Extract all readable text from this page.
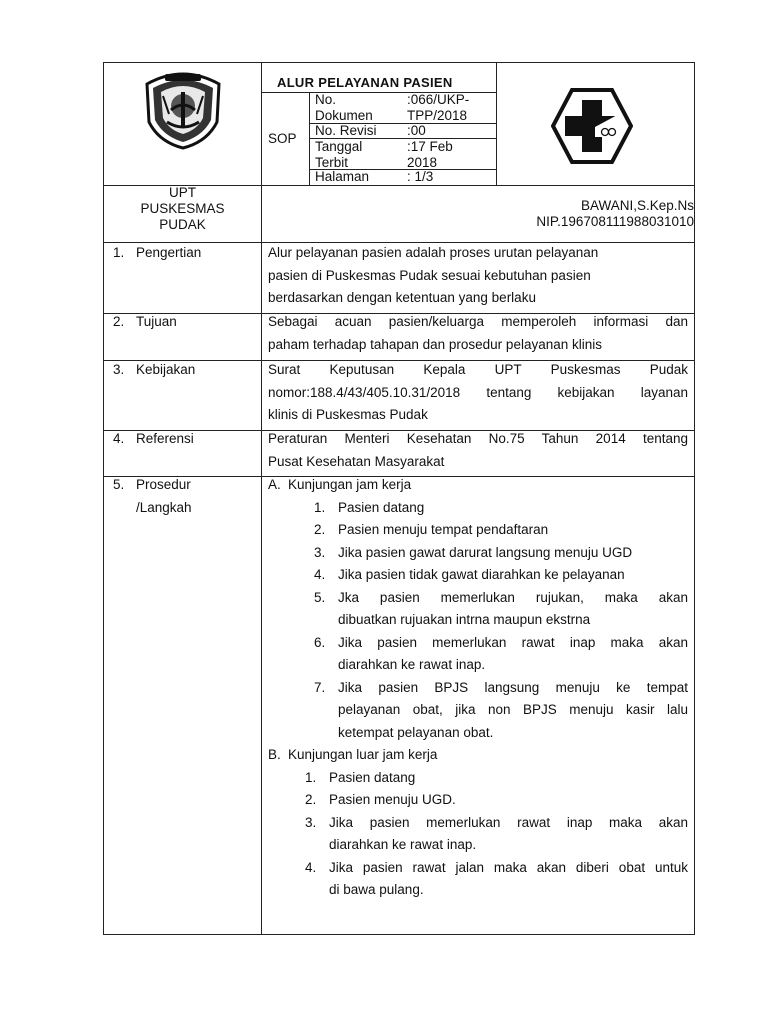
ALUR PELAYANAN PASIEN
SOP
No.
Dokumen
:066/UKP-
TPP/2018
No. Revisi :00
Tanggal
Terbit
:17 Feb
2018
Halaman	: 1/3
UPT
PUSKESMAS
PUDAK
BAWANI,S.Kep.Ns
NIP.196708111988031010
1. Pengertian
2. Tujuan
3. Kebijakan
4. Referensi
5. Prosedur
/Langkah
Alur pelayanan pasien adalah proses urutan pelayanan
pasien di Puskesmas Pudak sesuai kebutuhan pasien
berdasarkan dengan ketentuan yang berlaku
Sebagai acuan pasien/keluarga memperoleh informasi dan
paham terhadap tahapan dan prosedur pelayanan klinis
Surat Keputusan Kepala UPT Puskesmas Pudak
nomor:188.4/43/405.10.31/2018 tentang kebijakan layanan
klinis di Puskesmas Pudak
Peraturan Menteri Kesehatan No.75 Tahun 2014 tentang
Pusat Kesehatan Masyarakat
A. Kunjungan jam kerja
1. Pasien datang
2. Pasien menuju tempat pendaftaran
3. Jika pasien gawat darurat langsung menuju UGD
4. Jika pasien tidak gawat diarahkan ke pelayanan
5. Jka pasien memerlukan rujukan, maka akan
dibuatkan rujuakan intrna maupun ekstrna
6. Jika pasien memerlukan rawat inap maka akan
diarahkan ke rawat inap.
7. Jika pasien BPJS langsung menuju ke tempat
pelayanan obat, jika non BPJS menuju kasir lalu
ketempat pelayanan obat.
B. Kunjungan luar jam kerja
1. Pasien datang
2. Pasien menuju UGD.
3. Jika pasien memerlukan rawat inap maka akan
diarahkan ke rawat inap.
4. Jika pasien rawat jalan maka akan diberi obat untuk
di bawa pulang.
